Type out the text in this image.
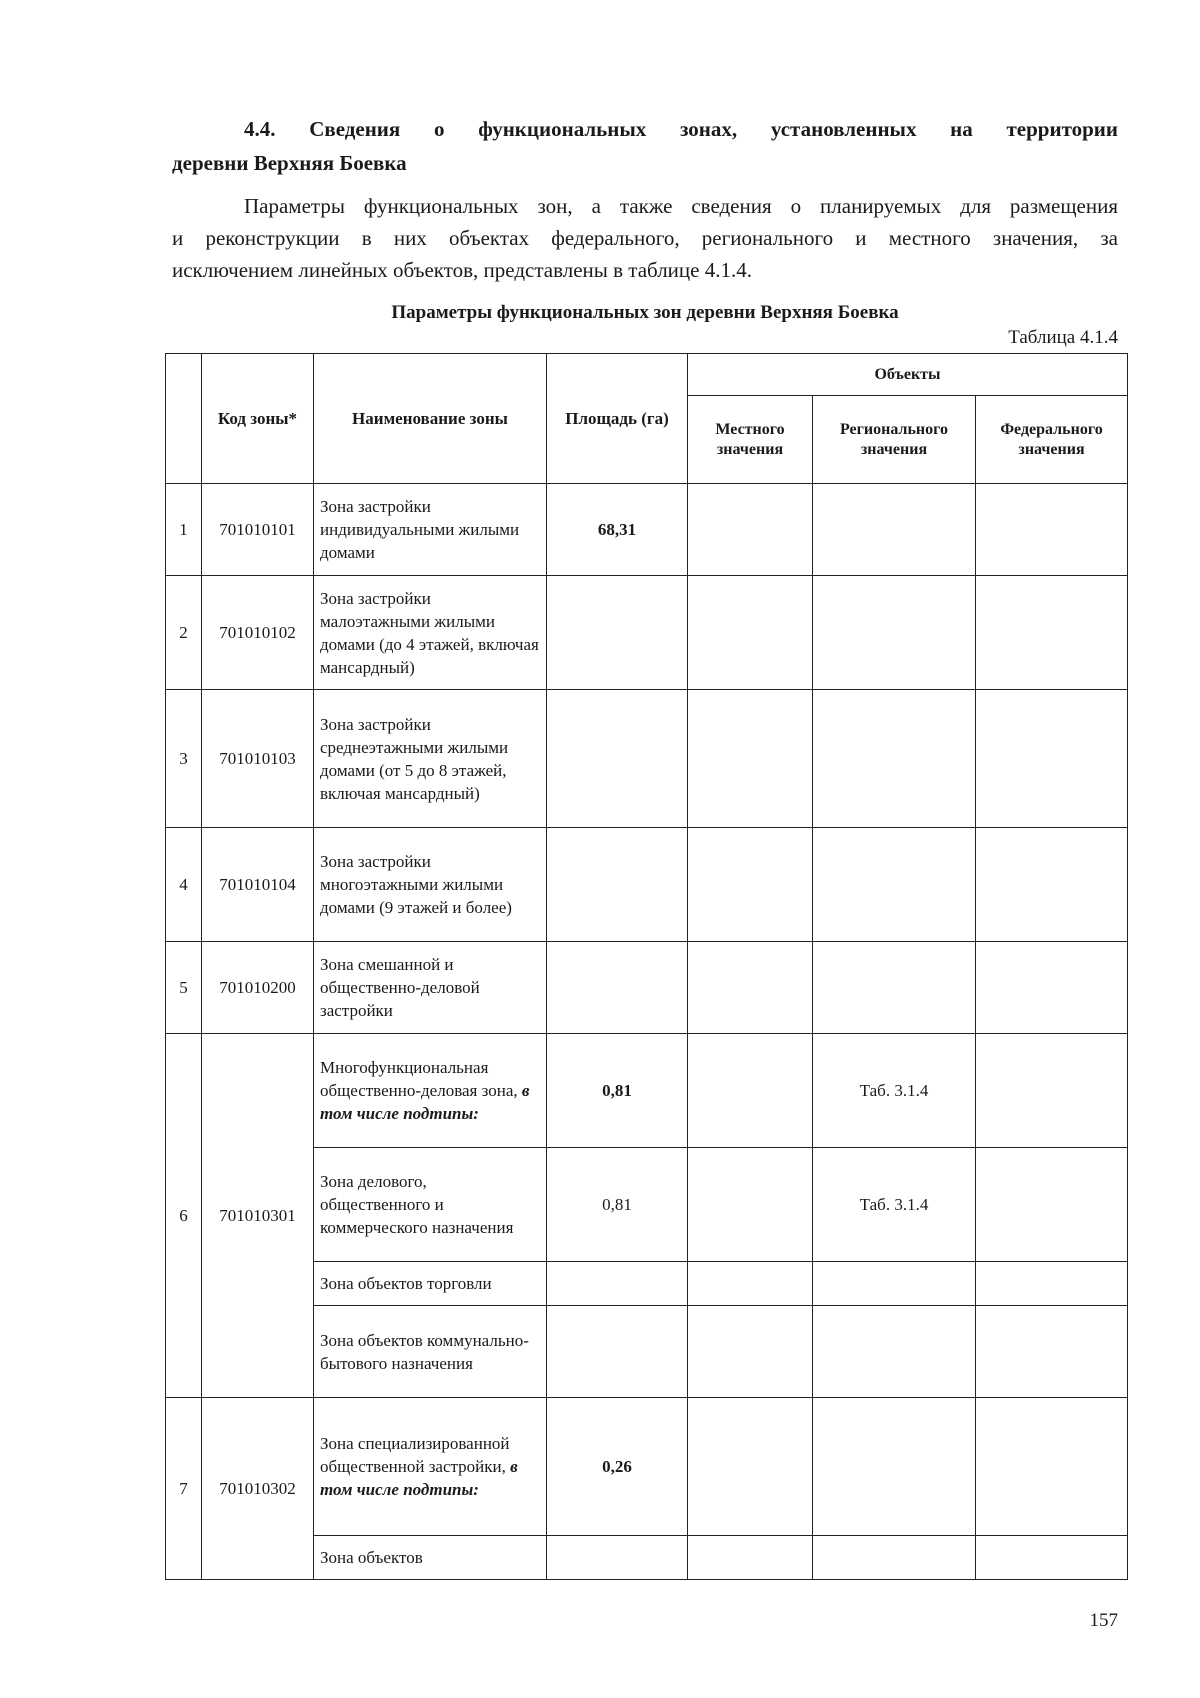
4.4. Сведения о функциональных зонах, установленных на территории
деревни Верхняя Боевка
Параметры функциональных зон, а также сведения о планируемых для размещения
и реконструкции в них объектах федерального, регионального и местного значения, за
исключением линейных объектов, представлены в таблице 4.1.4.
Параметры функциональных зон деревни Верхняя Боевка
Таблица 4.1.4
	Код зоны*	Наименование зоны	Площадь (га)	Объекты		
				Местного значения	Регионального значения	Федерального значения
1	701010101	Зона застройки индивидуальными жилыми домами	68,31			
2	701010102	Зона застройки малоэтажными жилыми домами (до 4 этажей, включая мансардный)				
3	701010103	Зона застройки среднеэтажными жилыми домами (от 5 до 8 этажей, включая мансардный)				
4	701010104	Зона застройки многоэтажными жилыми домами (9 этажей и более)				
5	701010200	Зона смешанной и общественно-деловой застройки				
6	701010301	Многофункциональная общественно-деловая зона, в том числе подтипы:	0,81		Таб. 3.1.4	
		Зона делового, общественного и коммерческого назначения	0,81		Таб. 3.1.4	
		Зона объектов торговли				
		Зона объектов коммунально-бытового назначения				
7	701010302	Зона специализированной общественной застройки, в том числе подтипы:	0,26			
		Зона объектов				
157
